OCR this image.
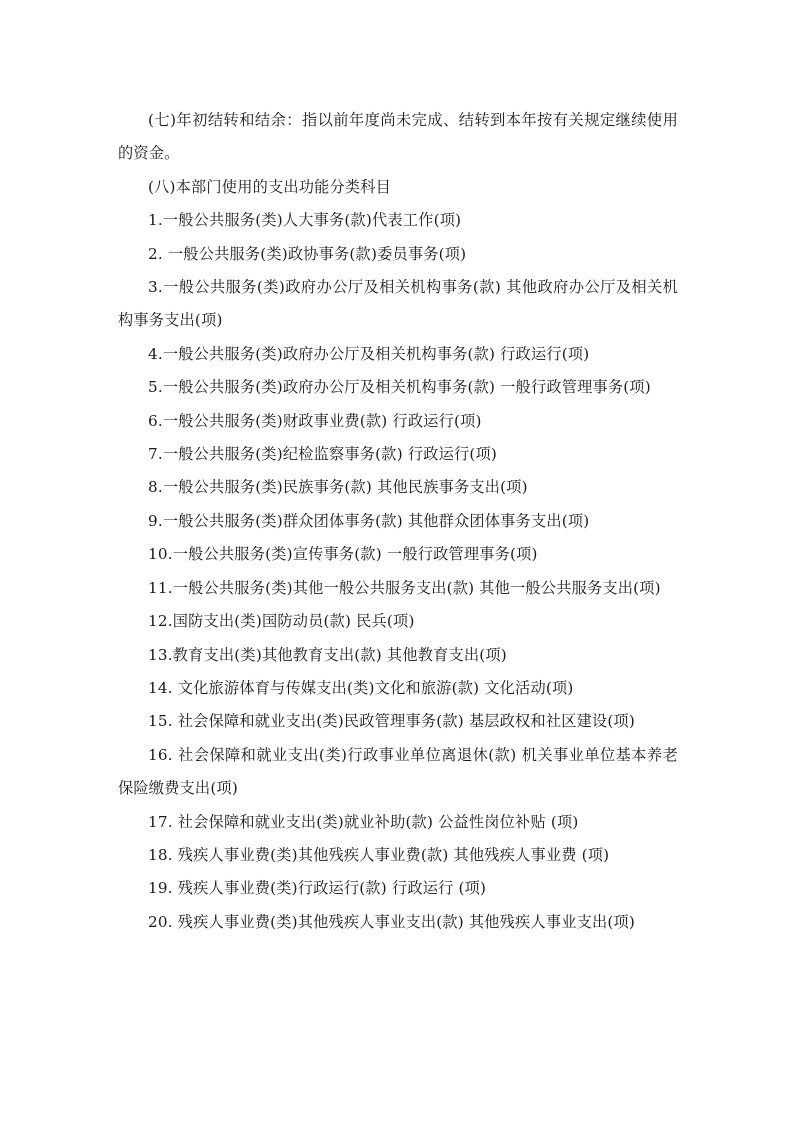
(七)年初结转和结余：指以前年度尚未完成、结转到本年按有关规定继续使用的资金。

(八)本部门使用的支出功能分类科目

1.一般公共服务(类)人大事务(款)代表工作(项)

2. 一般公共服务(类)政协事务(款)委员事务(项)

3.一般公共服务(类)政府办公厅及相关机构事务(款) 其他政府办公厅及相关机构事务支出(项)

4.一般公共服务(类)政府办公厅及相关机构事务(款) 行政运行(项)

5.一般公共服务(类)政府办公厅及相关机构事务(款) 一般行政管理事务(项)

6.一般公共服务(类)财政事业费(款) 行政运行(项)

7.一般公共服务(类)纪检监察事务(款) 行政运行(项)

8.一般公共服务(类)民族事务(款) 其他民族事务支出(项)

9.一般公共服务(类)群众团体事务(款) 其他群众团体事务支出(项)

10.一般公共服务(类)宣传事务(款) 一般行政管理事务(项)

11.一般公共服务(类)其他一般公共服务支出(款) 其他一般公共服务支出(项)

12.国防支出(类)国防动员(款) 民兵(项)

13.教育支出(类)其他教育支出(款) 其他教育支出(项)

14. 文化旅游体育与传媒支出(类)文化和旅游(款) 文化活动(项)

15. 社会保障和就业支出(类)民政管理事务(款) 基层政权和社区建设(项)

16. 社会保障和就业支出(类)行政事业单位离退休(款) 机关事业单位基本养老保险缴费支出(项)

17. 社会保障和就业支出(类)就业补助(款) 公益性岗位补贴 (项)

18. 残疾人事业费(类)其他残疾人事业费(款) 其他残疾人事业费 (项)

19. 残疾人事业费(类)行政运行(款) 行政运行 (项)

20. 残疾人事业费(类)其他残疾人事业支出(款) 其他残疾人事业支出(项)
